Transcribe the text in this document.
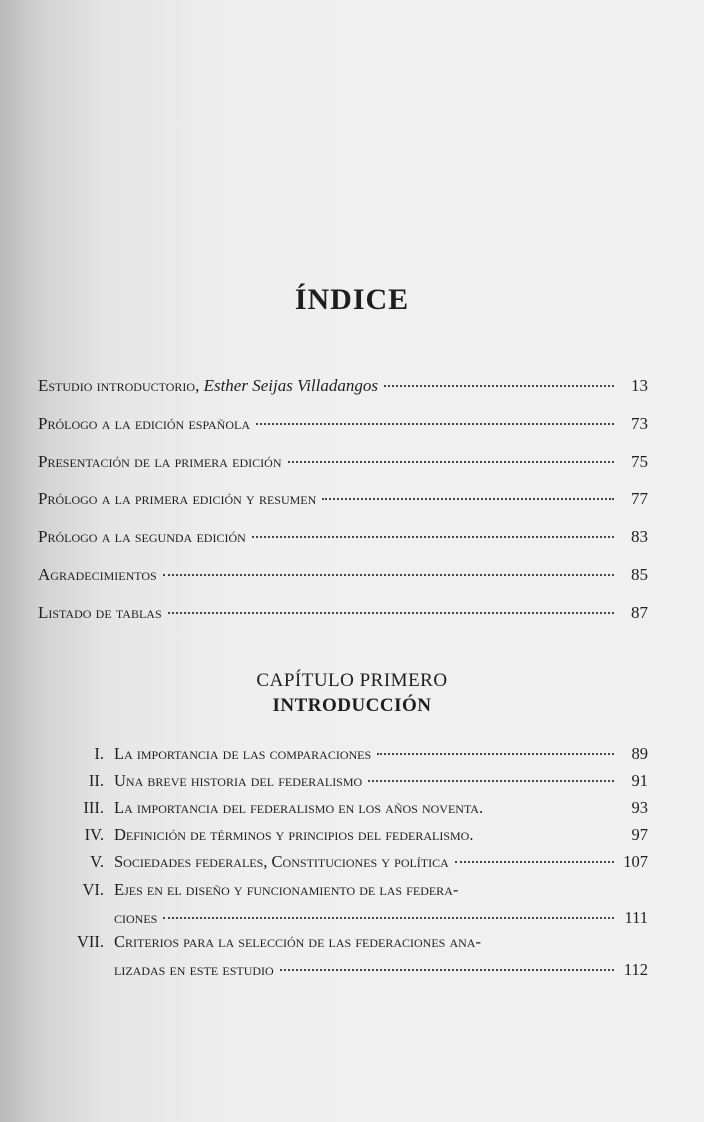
ÍNDICE
Estudio introductorio, Esther Seijas Villadangos	13
Prólogo a la edición española	73
Presentación de la primera edición	75
Prólogo a la primera edición y resumen	77
Prólogo a la segunda edición	83
Agradecimientos	85
Listado de tablas	87
CAPÍTULO PRIMERO
INTRODUCCIÓN
I. La importancia de las comparaciones	89
II. Una breve historia del federalismo	91
III. La importancia del federalismo en los años noventa.	93
IV. Definición de términos y principios del federalismo.	97
V. Sociedades federales, Constituciones y política	107
VI. Ejes en el diseño y funcionamiento de las federa-
ciones	111
VII. Criterios para la selección de las federaciones ana-
lizadas en este estudio	112
